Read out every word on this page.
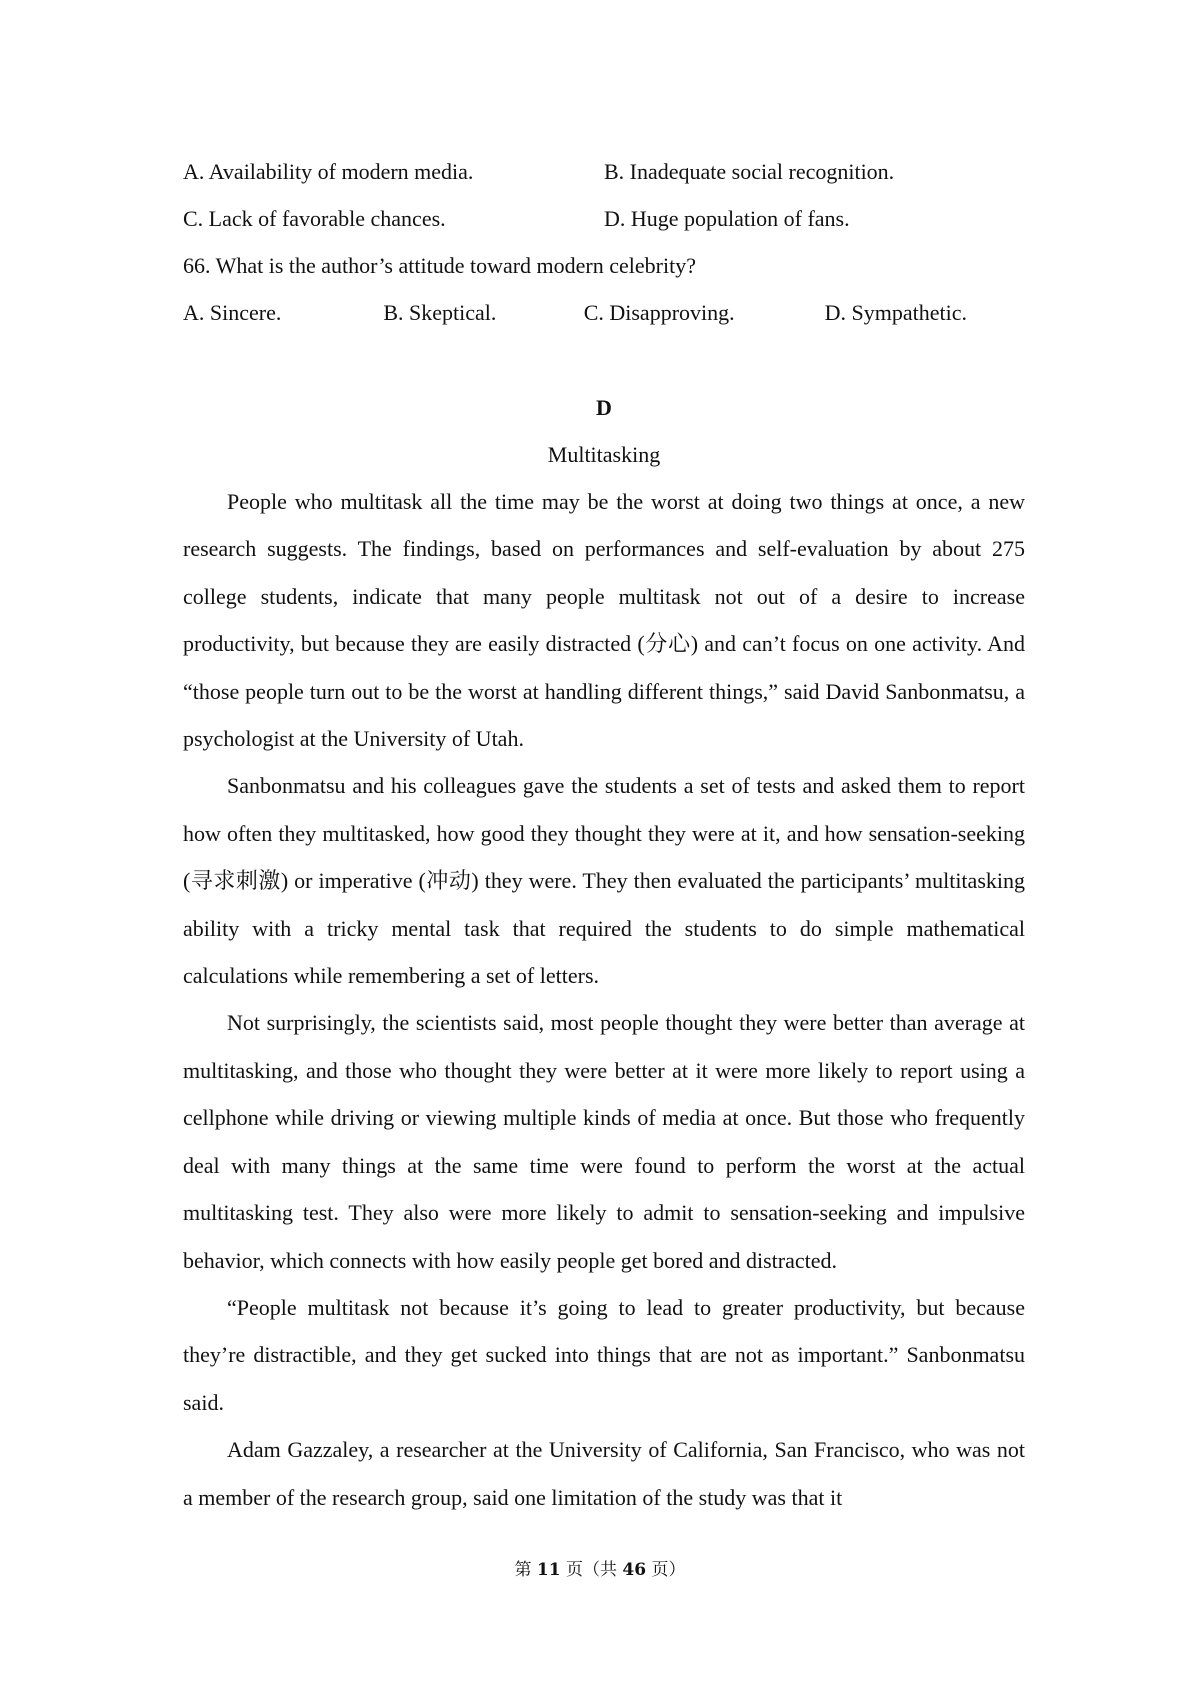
A. Availability of modern media.	B. Inadequate social recognition.
C. Lack of favorable chances.	D. Huge population of fans.
66. What is the author’s attitude toward modern celebrity?
A. Sincere.	B. Skeptical.	C. Disapproving.	D. Sympathetic.
D
Multitasking

People who multitask all the time may be the worst at doing two things at once, a new research suggests. The findings, based on performances and self-evaluation by about 275 college students, indicate that many people multitask not out of a desire to increase productivity, but because they are easily distracted (分心) and can’t focus on one activity. And “those people turn out to be the worst at handling different things,” said David Sanbonmatsu, a psychologist at the University of Utah.

Sanbonmatsu and his colleagues gave the students a set of tests and asked them to report how often they multitasked, how good they thought they were at it, and how sensation-seeking (寻求刺激) or imperative (冲动) they were. They then evaluated the participants’ multitasking ability with a tricky mental task that required the students to do simple mathematical calculations while remembering a set of letters.

Not surprisingly, the scientists said, most people thought they were better than average at multitasking, and those who thought they were better at it were more likely to report using a cellphone while driving or viewing multiple kinds of media at once. But those who frequently deal with many things at the same time were found to perform the worst at the actual multitasking test. They also were more likely to admit to sensation-seeking and impulsive behavior, which connects with how easily people get bored and distracted.

“People multitask not because it’s going to lead to greater productivity, but because they’re distractible, and they get sucked into things that are not as important.” Sanbonmatsu said.

Adam Gazzaley, a researcher at the University of California, San Francisco, who was not a member of the research group, said one limitation of the study was that it

第 11 页（共 46 页）
